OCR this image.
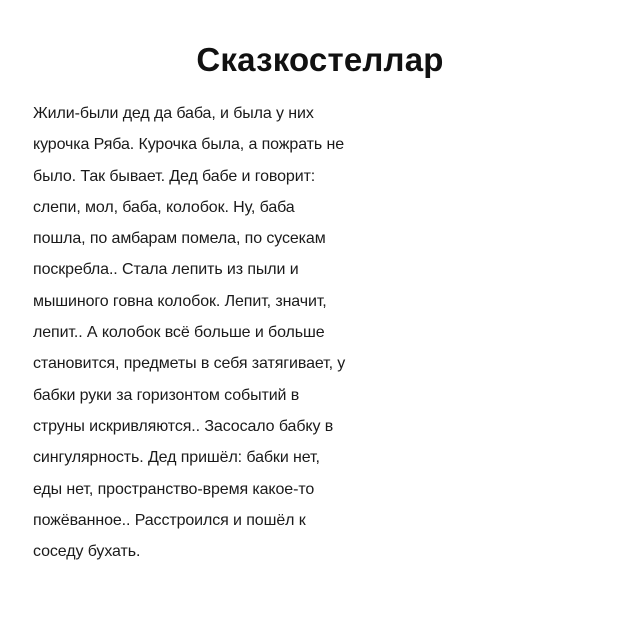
Сказкостеллар
Жили-были дед да баба, и была у них
курочка Ряба. Курочка была, а пожрать не
было. Так бывает. Дед бабе и говорит:
слепи, мол, баба, колобок. Ну, баба
пошла, по амбарам помела, по сусекам
поскребла.. Стала лепить из пыли и
мышиного говна колобок. Лепит, значит,
лепит.. А колобок всё больше и больше
становится, предметы в себя затягивает, у
бабки руки за горизонтом событий в
струны искривляются.. Засосало бабку в
сингулярность. Дед пришёл: бабки нет,
еды нет, пространство-время какое-то
пожёванное.. Расстроился и пошёл к
соседу бухать.
